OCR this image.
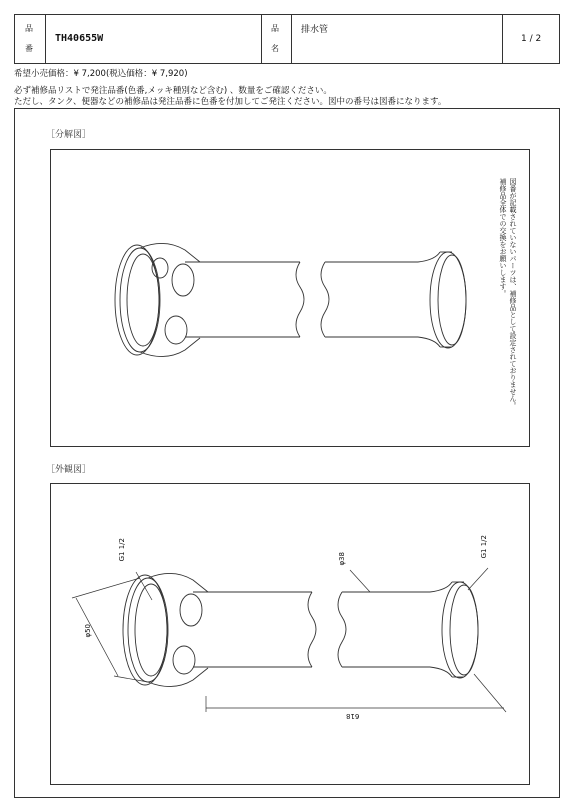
品
番
TH40655W
品
名
排水管
1 / 2
希望小売価格：¥ 7,200(税込価格：¥ 7,920)
必ず補修品リストで発注品番(色番,メッキ種別など含む) 、数量をご確認ください。
ただし、タンク、便器などの補修品は発注品番に色番を付加してご発注ください。図中の番号は図番になります。
［分解図］
［外観図］
図番が記載されていないパーツは、補修品として設定されておりません。
補修品全体での交換をお願いします。
G1 1/2	G1 1/2
φ38
φ50
618
